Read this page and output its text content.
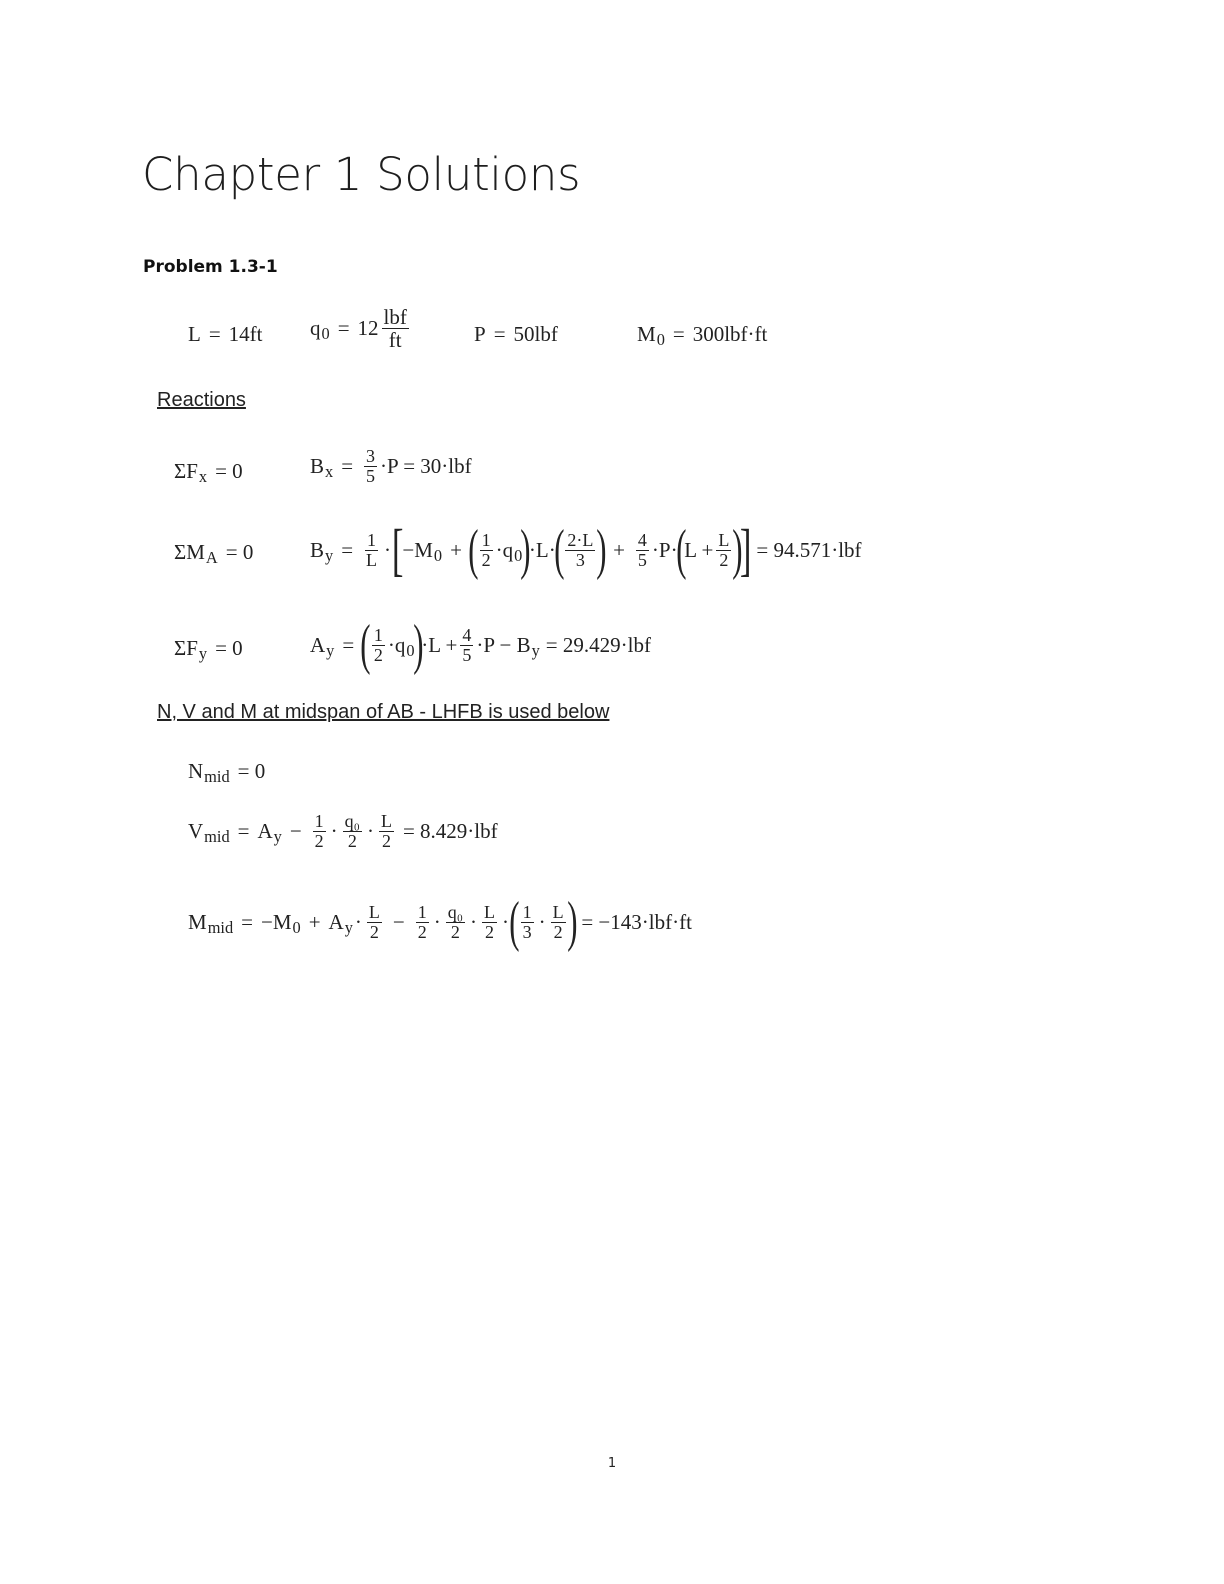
Chapter 1 Solutions
Problem 1.3-1
L = 14ft q $0 = 12 \frac{\text{lbf}}{ft}$	P = 50lbf	M 0 = 300lbf·ft
Reactions
ΣF x = 0	B $x = \frac{3}{5} \cdot P = 30\cdot lbf$
ΣM A = 0	B $y = \frac{1}{L}$ · [
−M 0 + ( $\frac{1}{2} \cdot q$ 0
)
·L·
( $\frac{2\cdot L}{3}$ ) + $\frac{4}{5} \cdot P\cdot$
(
$L + \frac{L}{2}$ )
] = 94.571·lbf
ΣF y = 0	A y = ( $\frac{1}{2} \cdot q$ 0
)
$\cdot L + \frac{4}{5} \cdot P - B$ y = 29.429·lbf
N, V and M at midspan of AB - LHFB is used below
N mid = 0
V mid = A $y - \frac{1}{2} \cdot \frac{\text{q₀}}{2} \cdot \frac{L}{2} = 8.429\cdot lbf$
M mid = −M 0 + A $y \cdot \frac{L}{2} - \frac{1}{2} \cdot \frac{\text{q₀}}{2} \cdot \frac{L}{2}$ · ( $\frac{1}{3} \cdot \frac{L}{2}$ ) = −143·lbf·ft
1
